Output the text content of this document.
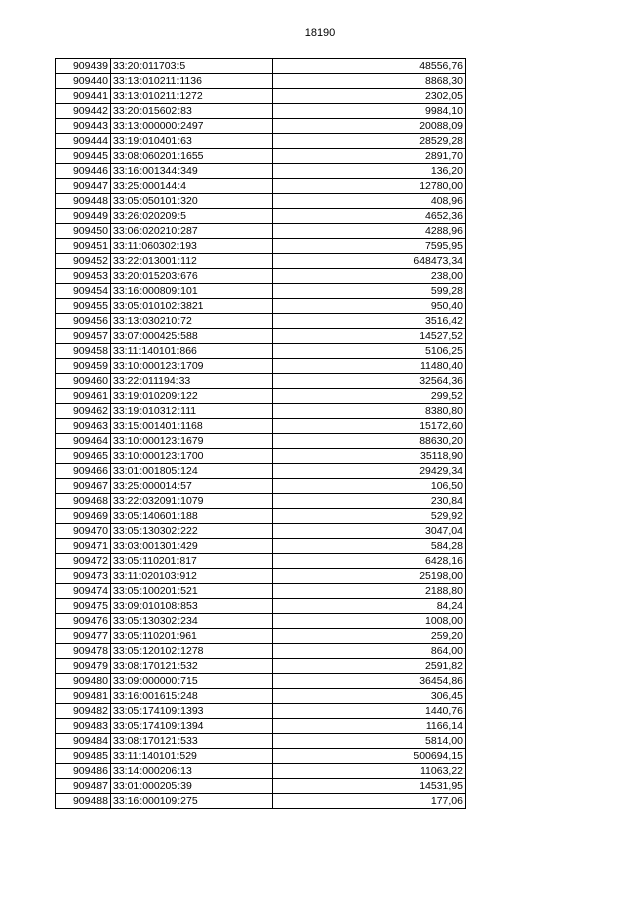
18190
909439	33:20:011703:5	48556,76
909440	33:13:010211:1136	8868,30
909441	33:13:010211:1272	2302,05
909442	33:20:015602:83	9984,10
909443	33:13:000000:2497	20088,09
909444	33:19:010401:63	28529,28
909445	33:08:060201:1655	2891,70
909446	33:16:001344:349	136,20
909447	33:25:000144:4	12780,00
909448	33:05:050101:320	408,96
909449	33:26:020209:5	4652,36
909450	33:06:020210:287	4288,96
909451	33:11:060302:193	7595,95
909452	33:22:013001:112	648473,34
909453	33:20:015203:676	238,00
909454	33:16:000809:101	599,28
909455	33:05:010102:3821	950,40
909456	33:13:030210:72	3516,42
909457	33:07:000425:588	14527,52
909458	33:11:140101:866	5106,25
909459	33:10:000123:1709	11480,40
909460	33:22:011194:33	32564,36
909461	33:19:010209:122	299,52
909462	33:19:010312:111	8380,80
909463	33:15:001401:1168	15172,60
909464	33:10:000123:1679	88630,20
909465	33:10:000123:1700	35118,90
909466	33:01:001805:124	29429,34
909467	33:25:000014:57	106,50
909468	33:22:032091:1079	230,84
909469	33:05:140601:188	529,92
909470	33:05:130302:222	3047,04
909471	33:03:001301:429	584,28
909472	33:05:110201:817	6428,16
909473	33:11:020103:912	25198,00
909474	33:05:100201:521	2188,80
909475	33:09:010108:853	84,24
909476	33:05:130302:234	1008,00
909477	33:05:110201:961	259,20
909478	33:05:120102:1278	864,00
909479	33:08:170121:532	2591,82
909480	33:09:000000:715	36454,86
909481	33:16:001615:248	306,45
909482	33:05:174109:1393	1440,76
909483	33:05:174109:1394	1166,14
909484	33:08:170121:533	5814,00
909485	33:11:140101:529	500694,15
909486	33:14:000206:13	11063,22
909487	33:01:000205:39	14531,95
909488	33:16:000109:275	177,06
